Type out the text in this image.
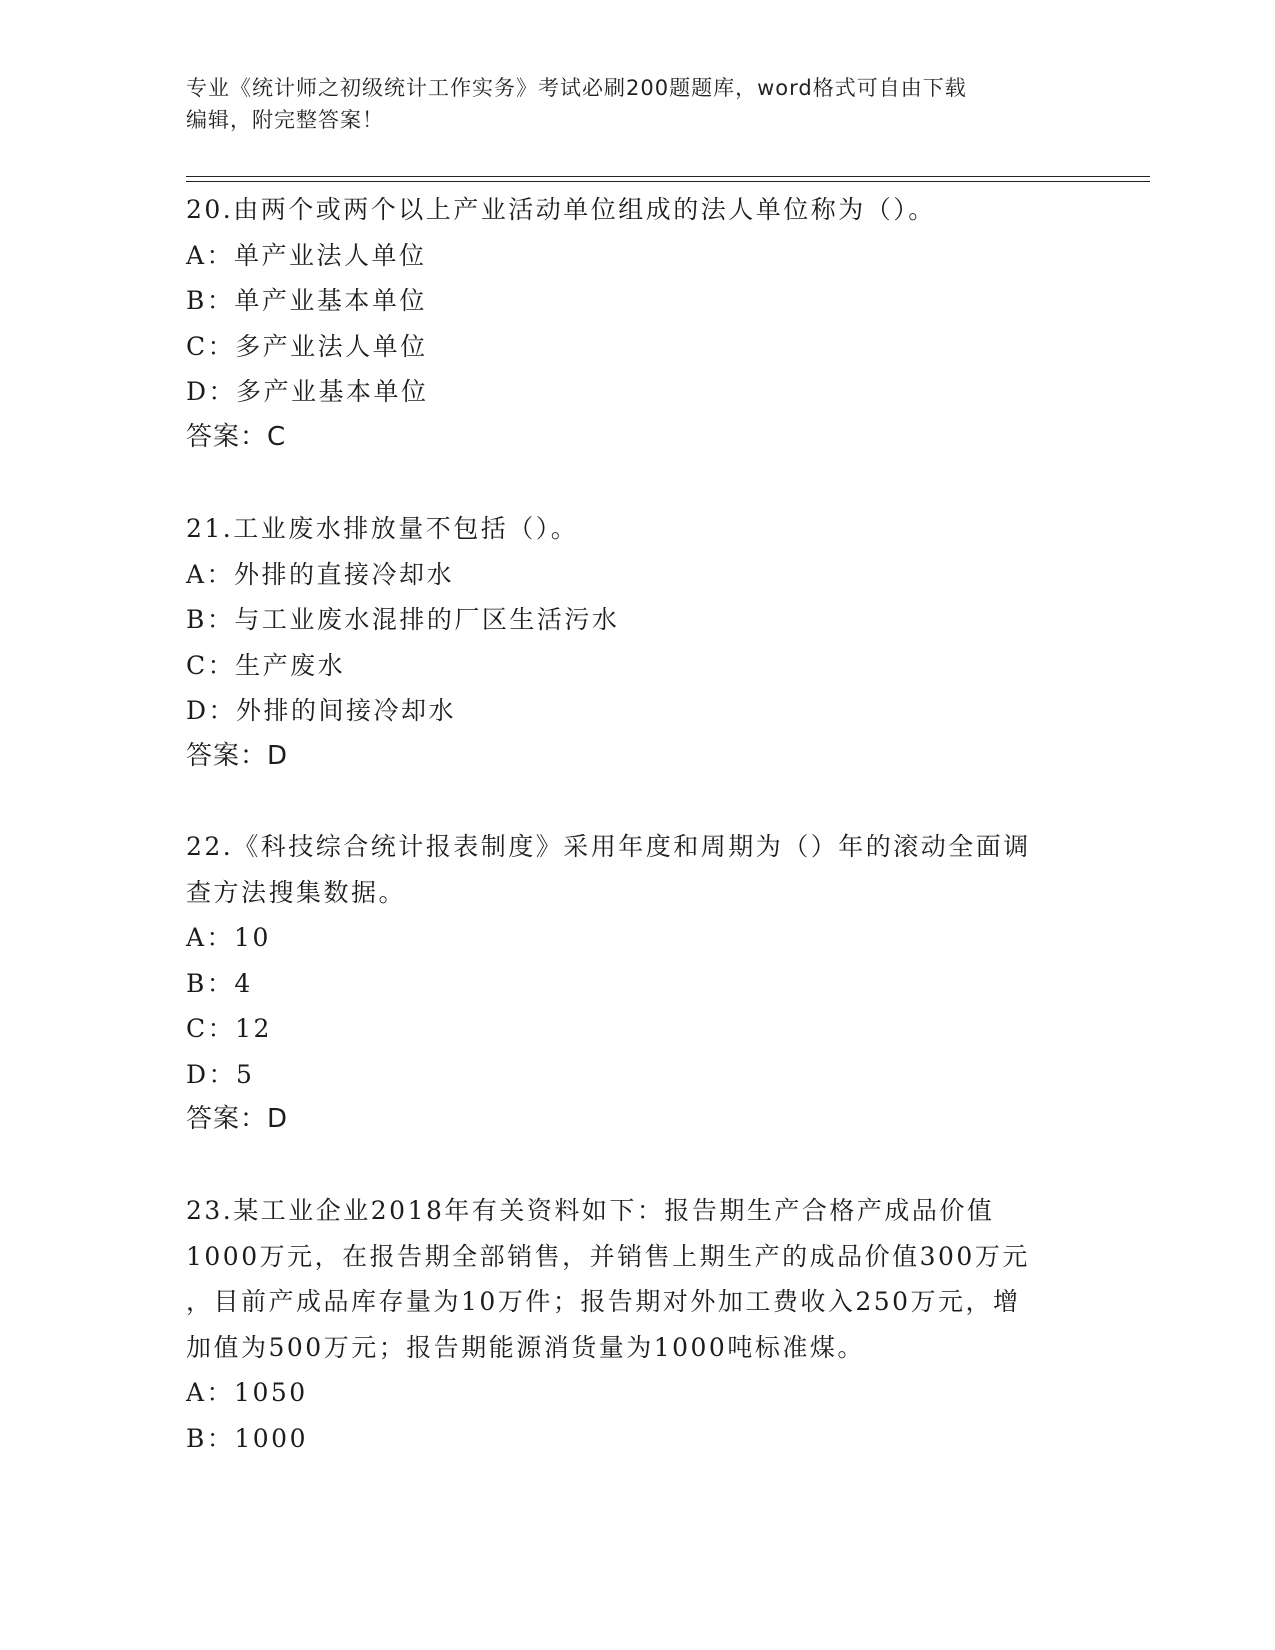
专业《统计师之初级统计工作实务》考试必刷200题题库，word格式可自由下载
编辑，附完整答案！
20.由两个或两个以上产业活动单位组成的法人单位称为（）。
A：单产业法人单位
B：单产业基本单位
C：多产业法人单位
D：多产业基本单位
答案：C
21.工业废水排放量不包括（）。
A：外排的直接冷却水
B：与工业废水混排的厂区生活污水
C：生产废水
D：外排的间接冷却水
答案：D
22.《科技综合统计报表制度》采用年度和周期为（）年的滚动全面调
查方法搜集数据。
A：10
B：4
C：12
D：5
答案：D
23.某工业企业2018年有关资料如下：报告期生产合格产成品价值
1000万元，在报告期全部销售，并销售上期生产的成品价值300万元
，目前产成品库存量为10万件；报告期对外加工费收入250万元，增
加值为500万元；报告期能源消货量为1000吨标准煤。
A：1050
B：1000
